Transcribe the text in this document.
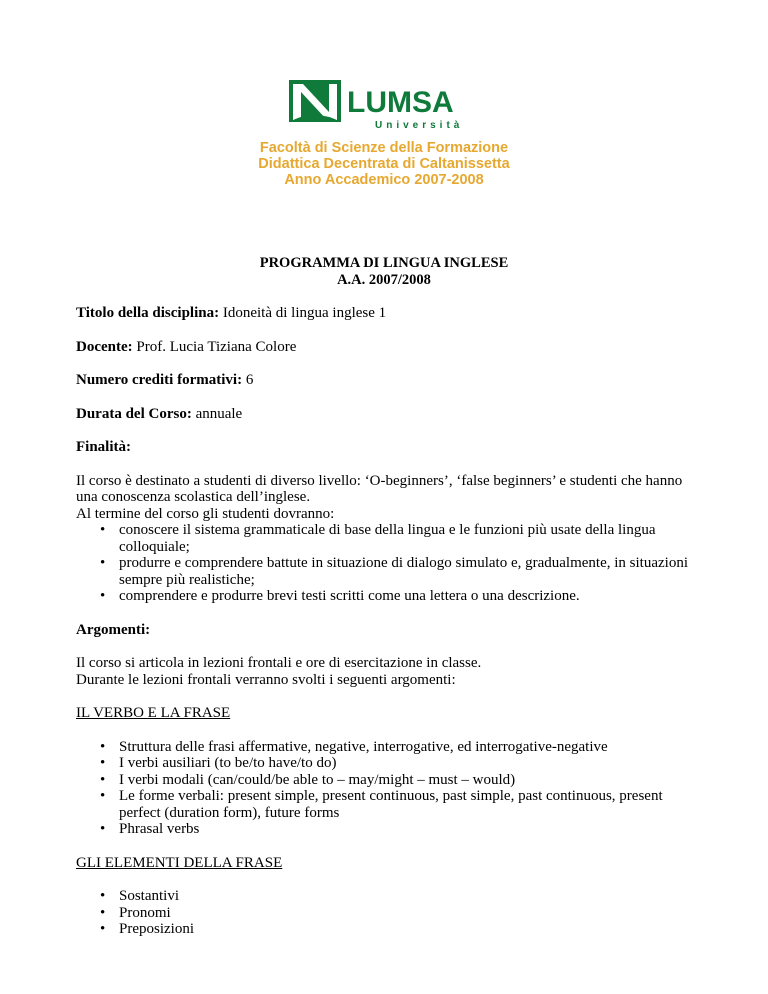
LUMSA
Università
Facoltà di Scienze della Formazione
Didattica Decentrata di Caltanissetta
Anno Accademico 2007-2008
PROGRAMMA DI LINGUA INGLESE
A.A. 2007/2008

Titolo della disciplina: Idoneità di lingua inglese 1

Docente: Prof. Lucia Tiziana Colore

Numero crediti formativi: 6

Durata del Corso: annuale

Finalità:

Il corso è destinato a studenti di diverso livello: ‘O-beginners’, ‘false beginners’ e studenti che hanno una conoscenza scolastica dell’inglese.

Al termine del corso gli studenti dovranno:

• conoscere il sistema grammaticale di base della lingua e le funzioni più usate della lingua colloquiale;
• produrre e comprendere battute in situazione di dialogo simulato e, gradualmente, in situazioni sempre più realistiche;
• comprendere e produrre brevi testi scritti come una lettera o una descrizione.

Argomenti:

Il corso si articola in lezioni frontali e ore di esercitazione in classe.

Durante le lezioni frontali verranno svolti i seguenti argomenti:

IL VERBO E LA FRASE

• Struttura delle frasi affermative, negative, interrogative, ed interrogative-negative
• I verbi ausiliari (to be/to have/to do)
• I verbi modali (can/could/be able to – may/might – must – would)
• Le forme verbali: present simple, present continuous, past simple, past continuous, present perfect (duration form), future forms
• Phrasal verbs

GLI ELEMENTI DELLA FRASE

• Sostantivi
• Pronomi
• Preposizioni
